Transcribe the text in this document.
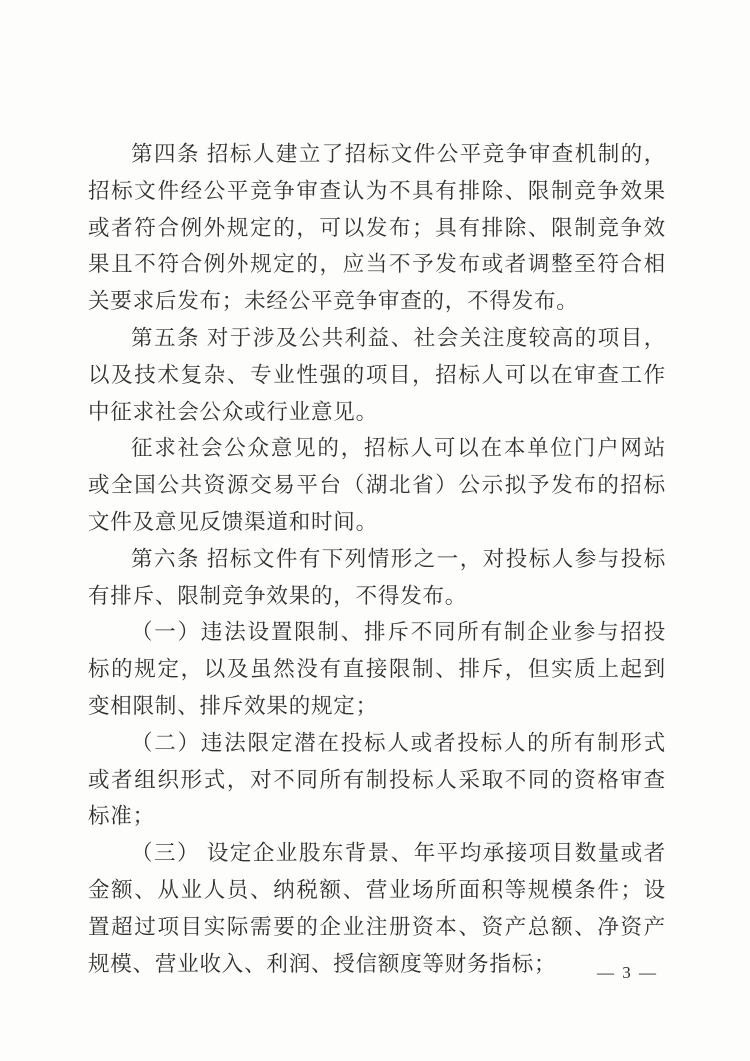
第四条 招标人建立了招标文件公平竞争审查机制的，招标文件经公平竞争审查认为不具有排除、限制竞争效果或者符合例外规定的，可以发布；具有排除、限制竞争效果且不符合例外规定的，应当不予发布或者调整至符合相关要求后发布；未经公平竞争审查的，不得发布。

第五条 对于涉及公共利益、社会关注度较高的项目，以及技术复杂、专业性强的项目，招标人可以在审查工作中征求社会公众或行业意见。

征求社会公众意见的，招标人可以在本单位门户网站或全国公共资源交易平台（湖北省）公示拟予发布的招标文件及意见反馈渠道和时间。

第六条 招标文件有下列情形之一，对投标人参与投标有排斥、限制竞争效果的，不得发布。

（一）违法设置限制、排斥不同所有制企业参与招投标的规定，以及虽然没有直接限制、排斥，但实质上起到变相限制、排斥效果的规定；

（二）违法限定潜在投标人或者投标人的所有制形式或者组织形式，对不同所有制投标人采取不同的资格审查标准；

（三） 设定企业股东背景、年平均承接项目数量或者金额、从业人员、纳税额、营业场所面积等规模条件；设置超过项目实际需要的企业注册资本、资产总额、净资产规模、营业收入、利润、授信额度等财务指标；	— 3 —
